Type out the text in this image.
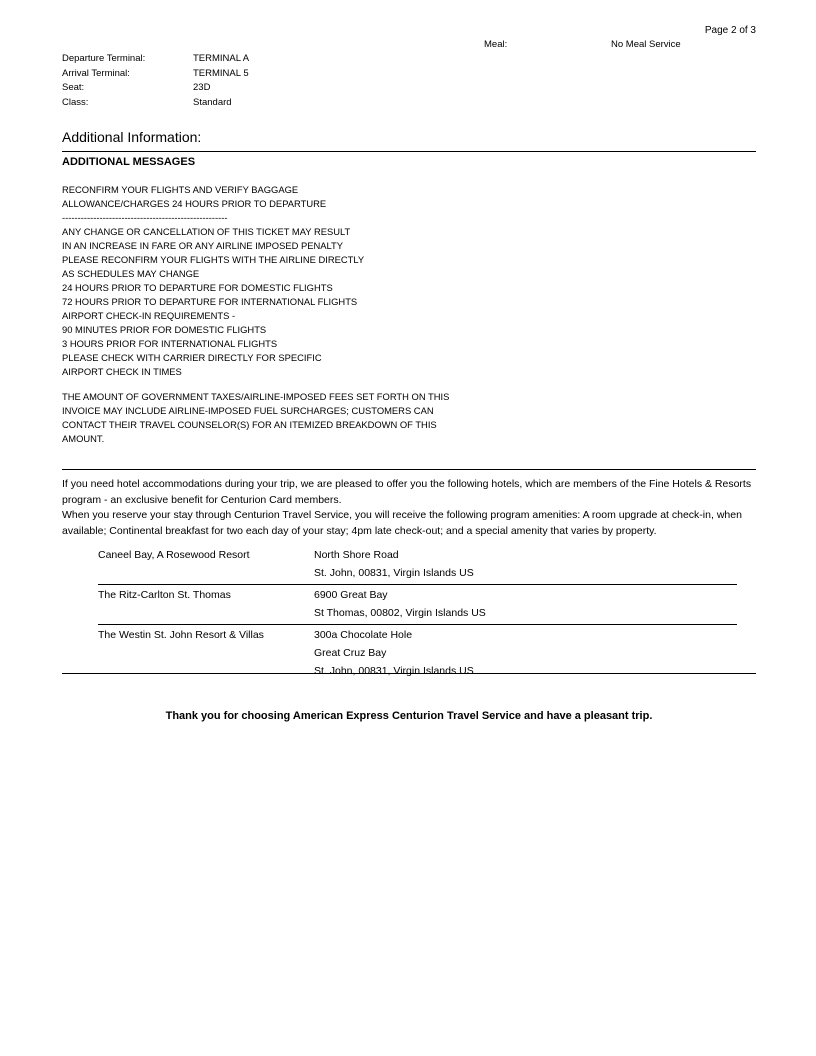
Page 2 of 3
Meal:	No Meal Service
Departure Terminal:	TERMINAL A
Arrival Terminal:	TERMINAL 5
Seat:	23D
Class:	Standard
Additional Information:
ADDITIONAL MESSAGES
RECONFIRM YOUR FLIGHTS AND VERIFY BAGGAGE
ALLOWANCE/CHARGES 24 HOURS PRIOR TO DEPARTURE
-----------------------------------------------------
ANY CHANGE OR CANCELLATION OF THIS TICKET MAY RESULT
IN AN INCREASE IN FARE OR ANY AIRLINE IMPOSED PENALTY
PLEASE RECONFIRM YOUR FLIGHTS WITH THE AIRLINE DIRECTLY
AS SCHEDULES MAY CHANGE
24 HOURS PRIOR TO DEPARTURE FOR DOMESTIC FLIGHTS
72 HOURS PRIOR TO DEPARTURE FOR INTERNATIONAL FLIGHTS
AIRPORT CHECK-IN REQUIREMENTS -
90 MINUTES PRIOR FOR DOMESTIC FLIGHTS
3 HOURS PRIOR FOR INTERNATIONAL FLIGHTS
PLEASE CHECK WITH CARRIER DIRECTLY FOR SPECIFIC
AIRPORT CHECK IN TIMES
THE AMOUNT OF GOVERNMENT TAXES/AIRLINE-IMPOSED FEES SET FORTH ON THIS
INVOICE MAY INCLUDE AIRLINE-IMPOSED FUEL SURCHARGES; CUSTOMERS CAN
CONTACT THEIR TRAVEL COUNSELOR(S) FOR AN ITEMIZED BREAKDOWN OF THIS
AMOUNT.
If you need hotel accommodations during your trip, we are pleased to offer you the following hotels, which are members of the Fine Hotels & Resorts program - an exclusive benefit for Centurion Card members.
When you reserve your stay through Centurion Travel Service, you will receive the following program amenities: A room upgrade at check-in, when available; Continental breakfast for two each day of your stay; 4pm late check-out; and a special amenity that varies by property.
Caneel Bay, A Rosewood Resort	North Shore Road
St. John, 00831, Virgin Islands US
The Ritz-Carlton St. Thomas	6900 Great Bay
St Thomas, 00802, Virgin Islands US
The Westin St. John Resort & Villas	300a Chocolate Hole
Great Cruz Bay
St. John, 00831, Virgin Islands US
Thank you for choosing American Express Centurion Travel Service and have a pleasant trip.
